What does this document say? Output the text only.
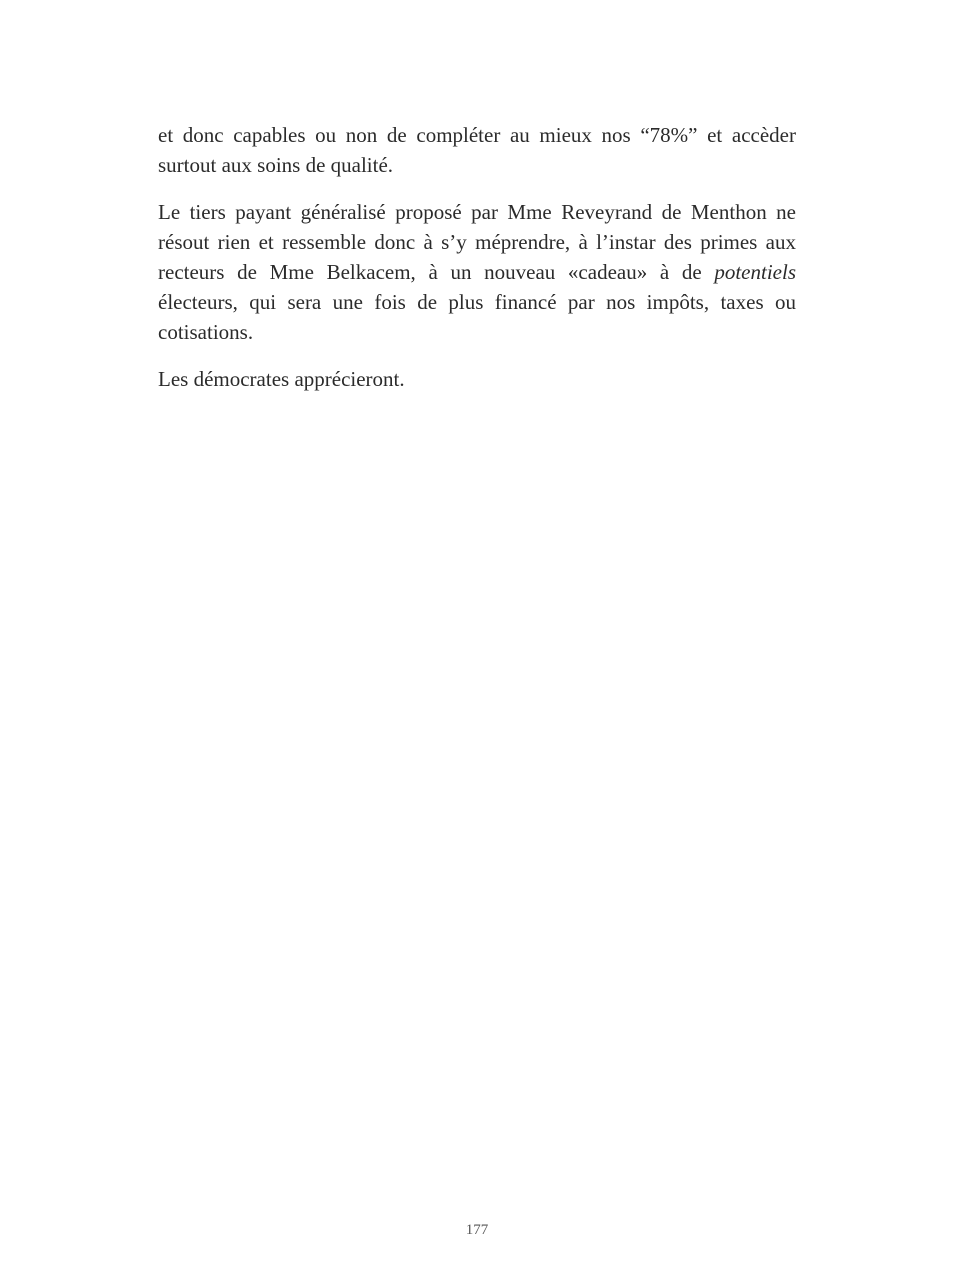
et donc capables ou non de compléter au mieux nos “78%” et accèder surtout aux soins de qualité.

Le tiers payant généralisé proposé par Mme Reveyrand de Menthon ne résout rien et ressemble donc à s’y méprendre, à l’instar des primes aux recteurs de Mme Belkacem, à un nouveau «cadeau» à de potentiels électeurs, qui sera une fois de plus financé par nos impôts, taxes ou cotisations.

Les démocrates apprécieront.

177
